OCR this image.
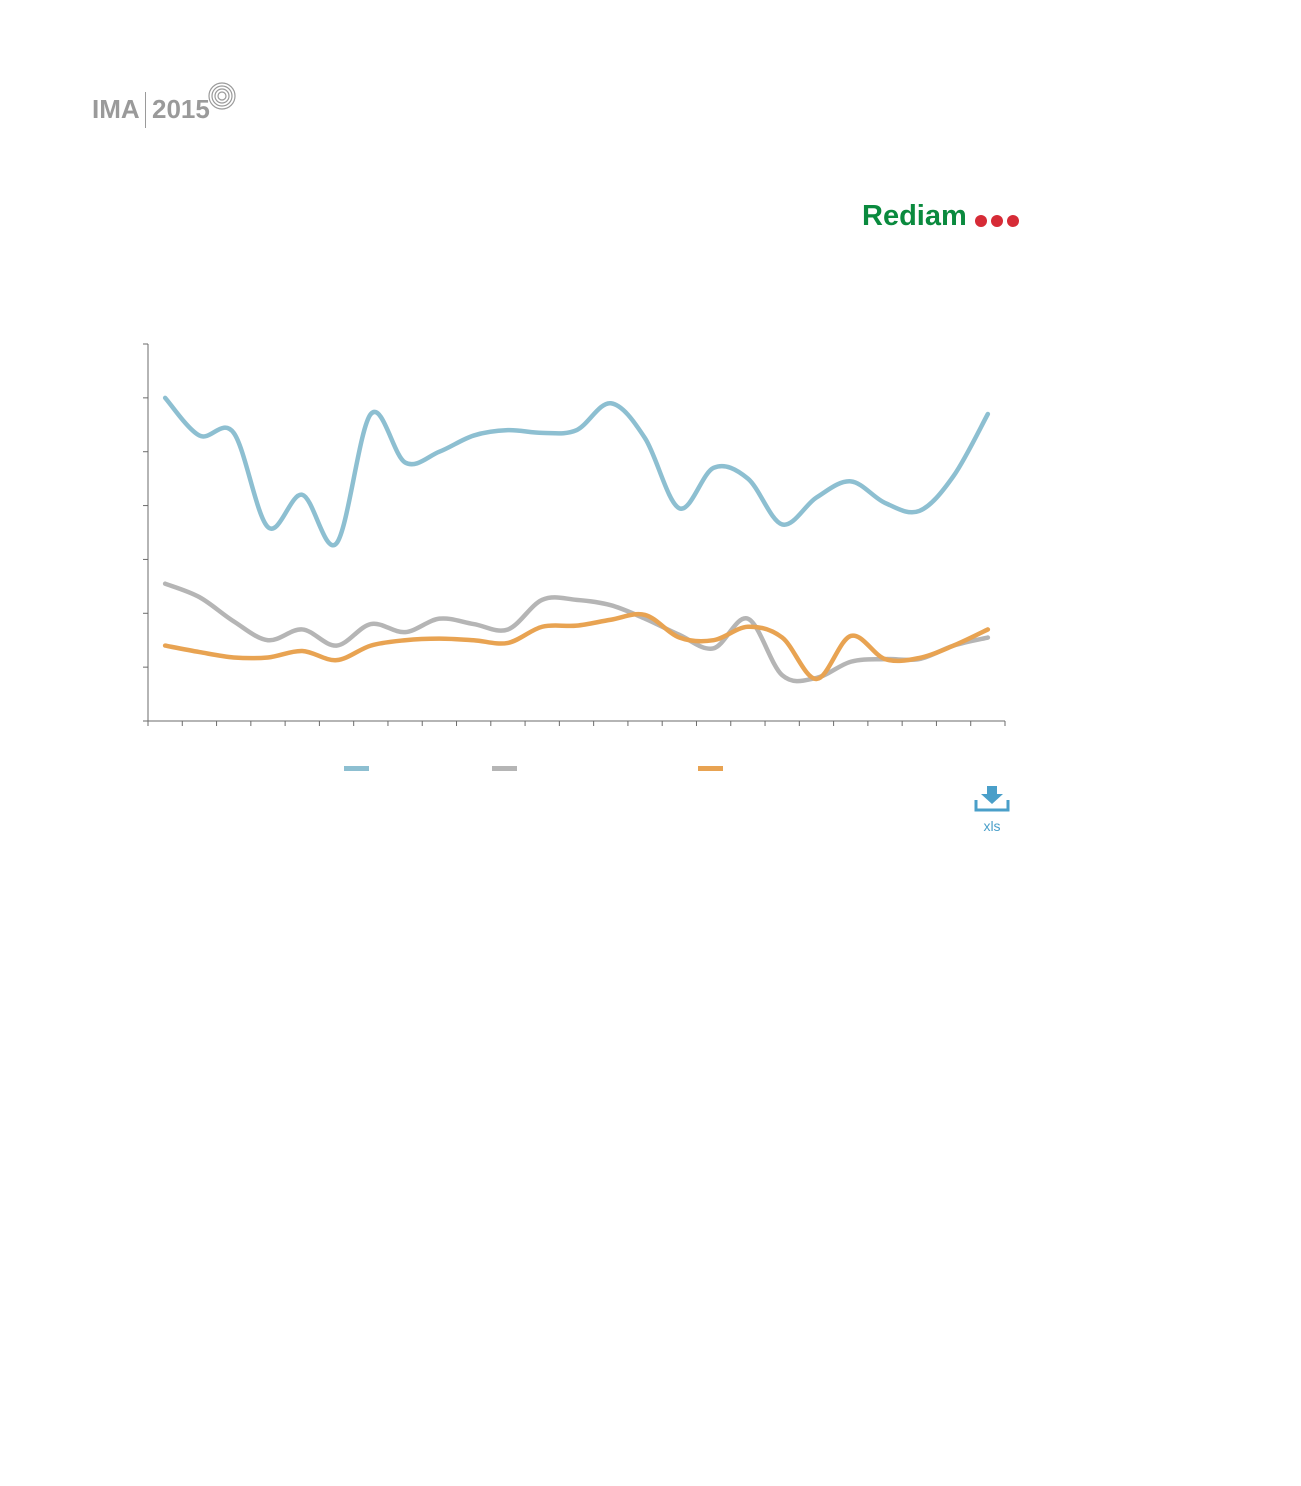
IMA 2015
Rediam
xls
